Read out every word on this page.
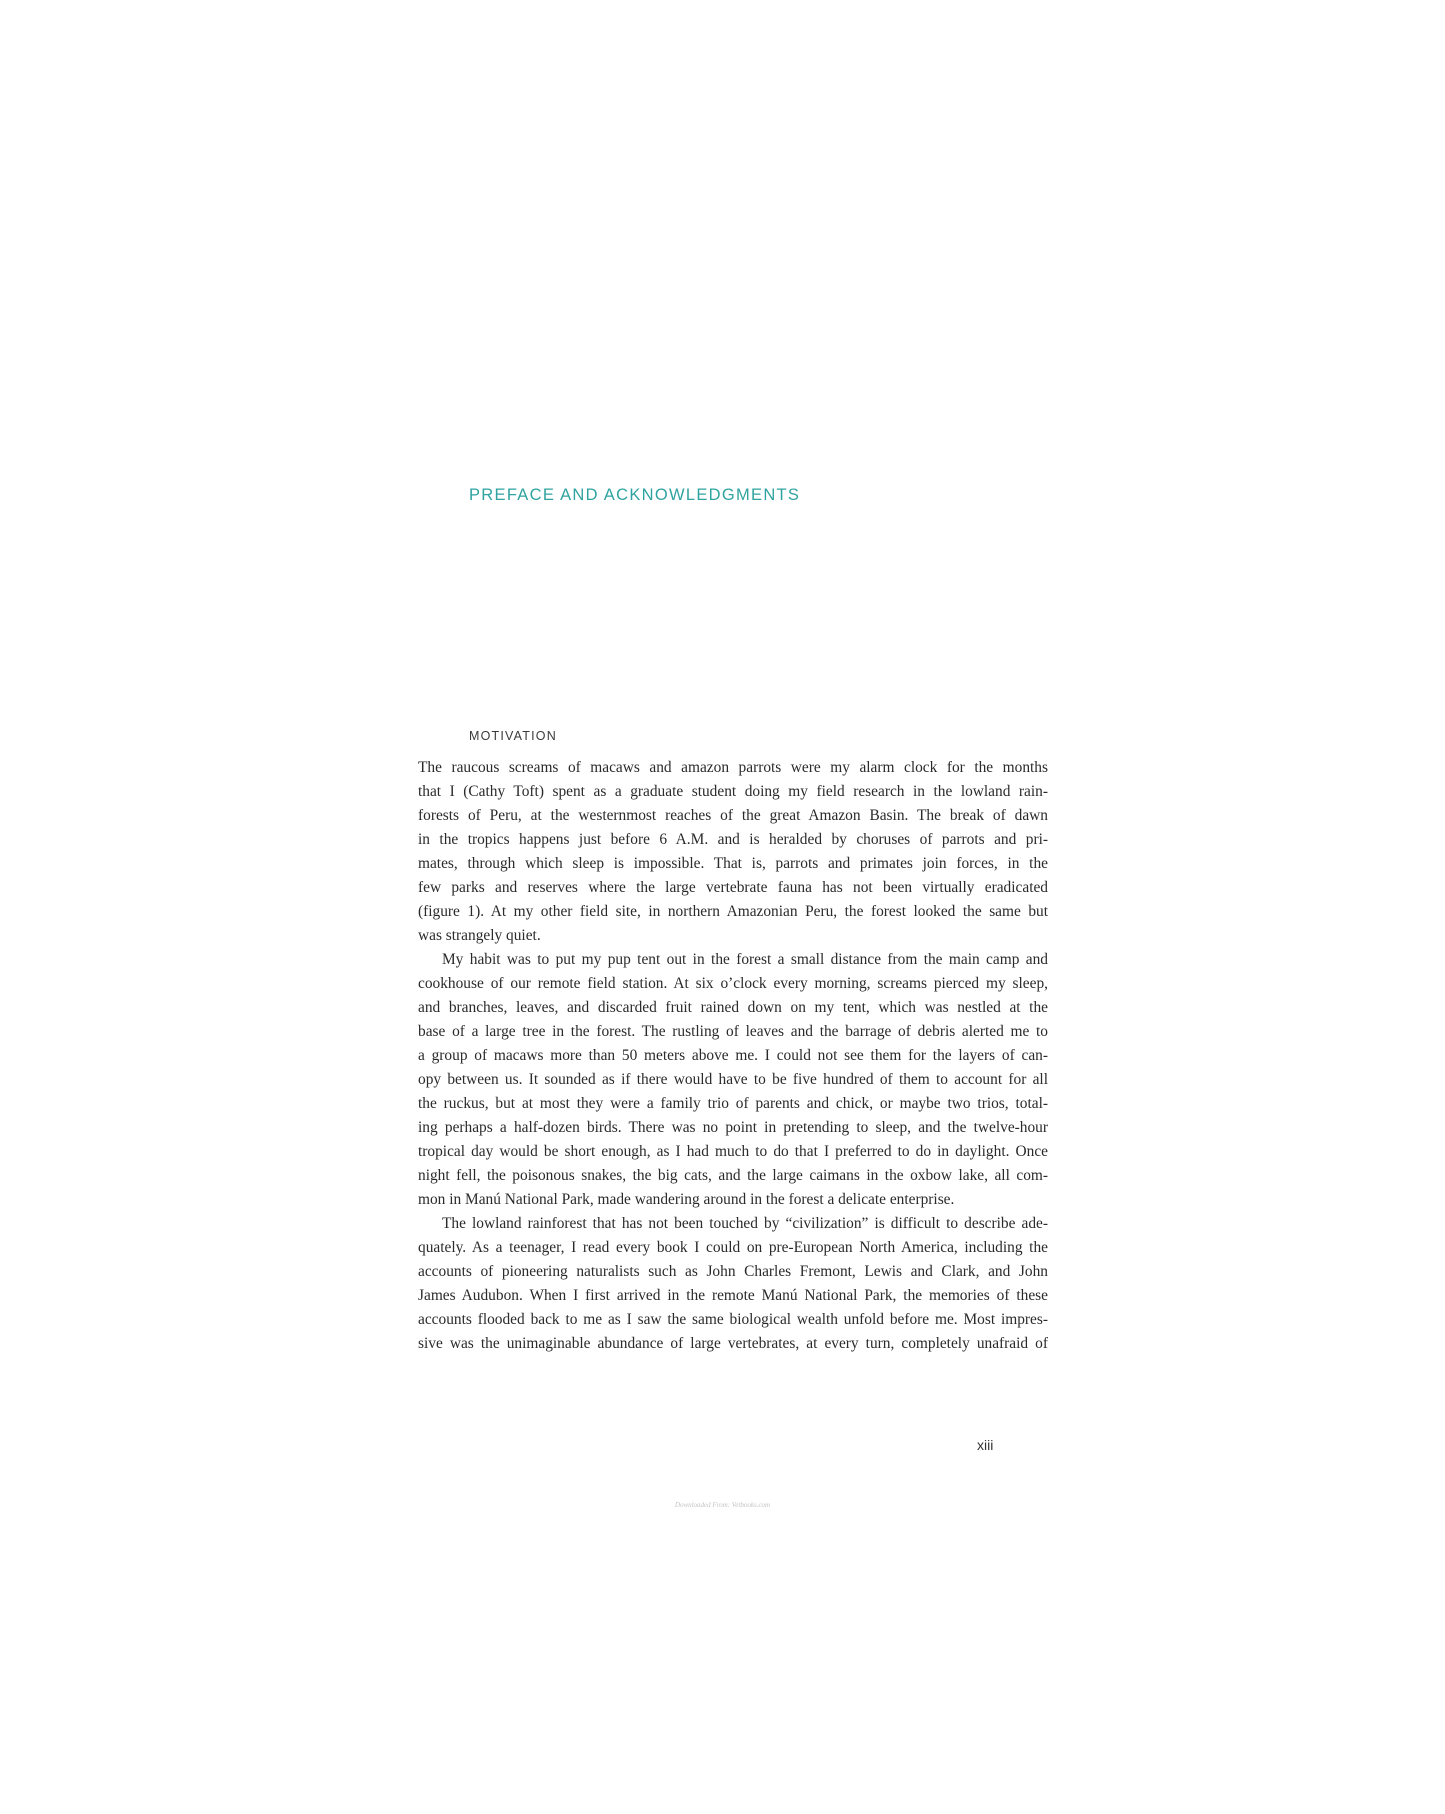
PREFACE AND ACKNOWLEDGMENTS
MOTIVATION
The raucous screams of macaws and amazon parrots were my alarm clock for the months
that I (Cathy Toft) spent as a graduate student doing my field research in the lowland rain-
forests of Peru, at the westernmost reaches of the great Amazon Basin. The break of dawn
in the tropics happens just before 6 A.M. and is heralded by choruses of parrots and pri-
mates, through which sleep is impossible. That is, parrots and primates join forces, in the
few parks and reserves where the large vertebrate fauna has not been virtually eradicated
(figure 1). At my other field site, in northern Amazonian Peru, the forest looked the same but
was strangely quiet.
My habit was to put my pup tent out in the forest a small distance from the main camp and
cookhouse of our remote field station. At six o’clock every morning, screams pierced my sleep,
and branches, leaves, and discarded fruit rained down on my tent, which was nestled at the
base of a large tree in the forest. The rustling of leaves and the barrage of debris alerted me to
a group of macaws more than 50 meters above me. I could not see them for the layers of can-
opy between us. It sounded as if there would have to be five hundred of them to account for all
the ruckus, but at most they were a family trio of parents and chick, or maybe two trios, total-
ing perhaps a half-dozen birds. There was no point in pretending to sleep, and the twelve-hour
tropical day would be short enough, as I had much to do that I preferred to do in daylight. Once
night fell, the poisonous snakes, the big cats, and the large caimans in the oxbow lake, all com-
mon in Manú National Park, made wandering around in the forest a delicate enterprise.
The lowland rainforest that has not been touched by “civilization” is difficult to describe ade-
quately. As a teenager, I read every book I could on pre-European North America, including the
accounts of pioneering naturalists such as John Charles Fremont, Lewis and Clark, and John
James Audubon. When I first arrived in the remote Manú National Park, the memories of these
accounts flooded back to me as I saw the same biological wealth unfold before me. Most impres-
sive was the unimaginable abundance of large vertebrates, at every turn, completely unafraid of
xiii
Downloaded From: Vetbooks.com
